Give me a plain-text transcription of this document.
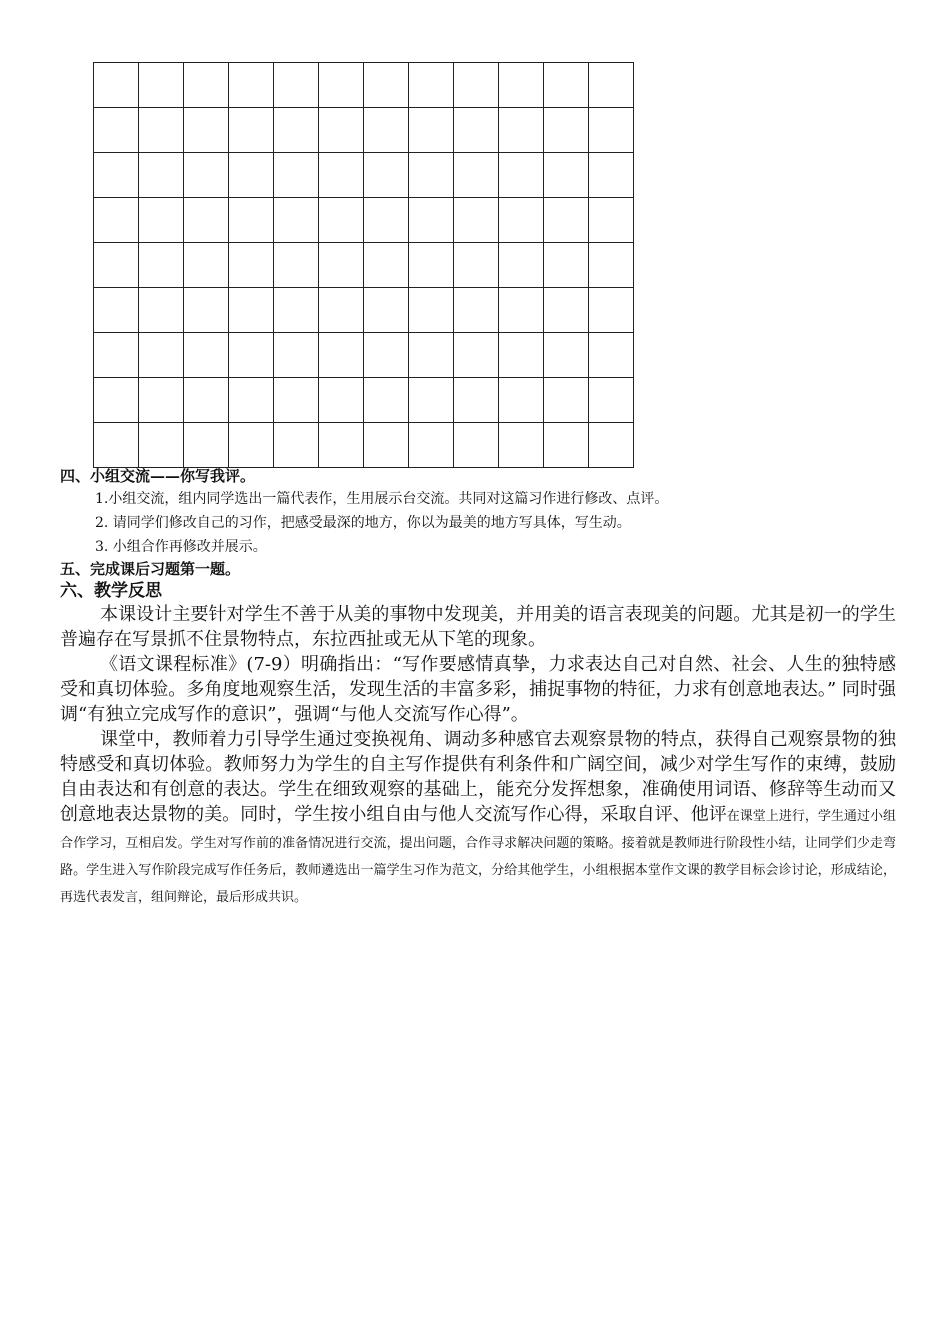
四、小组交流——你写我评。

1.小组交流，组内同学选出一篇代表作，生用展示台交流。共同对这篇习作进行修改、点评。

2. 请同学们修改自己的习作，把感受最深的地方，你以为最美的地方写具体，写生动。

3. 小组合作再修改并展示。

五、完成课后习题第一题。

六、教学反思

本课设计主要针对学生不善于从美的事物中发现美，并用美的语言表现美的问题。尤其是初一的学生普遍存在写景抓不住景物特点，东拉西扯或无从下笔的现象。

《语文课程标准》(7-9）明确指出：“写作要感情真挚，力求表达自己对自然、社会、人生的独特感受和真切体验。多角度地观察生活，发现生活的丰富多彩，捕捉事物的特征，力求有创意地表达。” 同时强调“有独立完成写作的意识”，强调“与他人交流写作心得”。

课堂中，教师着力引导学生通过变换视角、调动多种感官去观察景物的特点，获得自己观察景物的独特感受和真切体验。教师努力为学生的自主写作提供有利条件和广阔空间，减少对学生写作的束缚，鼓励自由表达和有创意的表达。学生在细致观察的基础上，能充分发挥想象，准确使用词语、修辞等生动而又创意地表达景物的美。同时，学生按小组自由与他人交流写作心得，采取自评、他评在课堂上进行，学生通过小组合作学习，互相启发。学生对写作前的准备情况进行交流，提出问题，合作寻求解决问题的策略。接着就是教师进行阶段性小结，让同学们少走弯路。学生进入写作阶段完成写作任务后，教师遴选出一篇学生习作为范文，分给其他学生，小组根据本堂作文课的教学目标会诊讨论，形成结论，再选代表发言，组间辩论，最后形成共识。
